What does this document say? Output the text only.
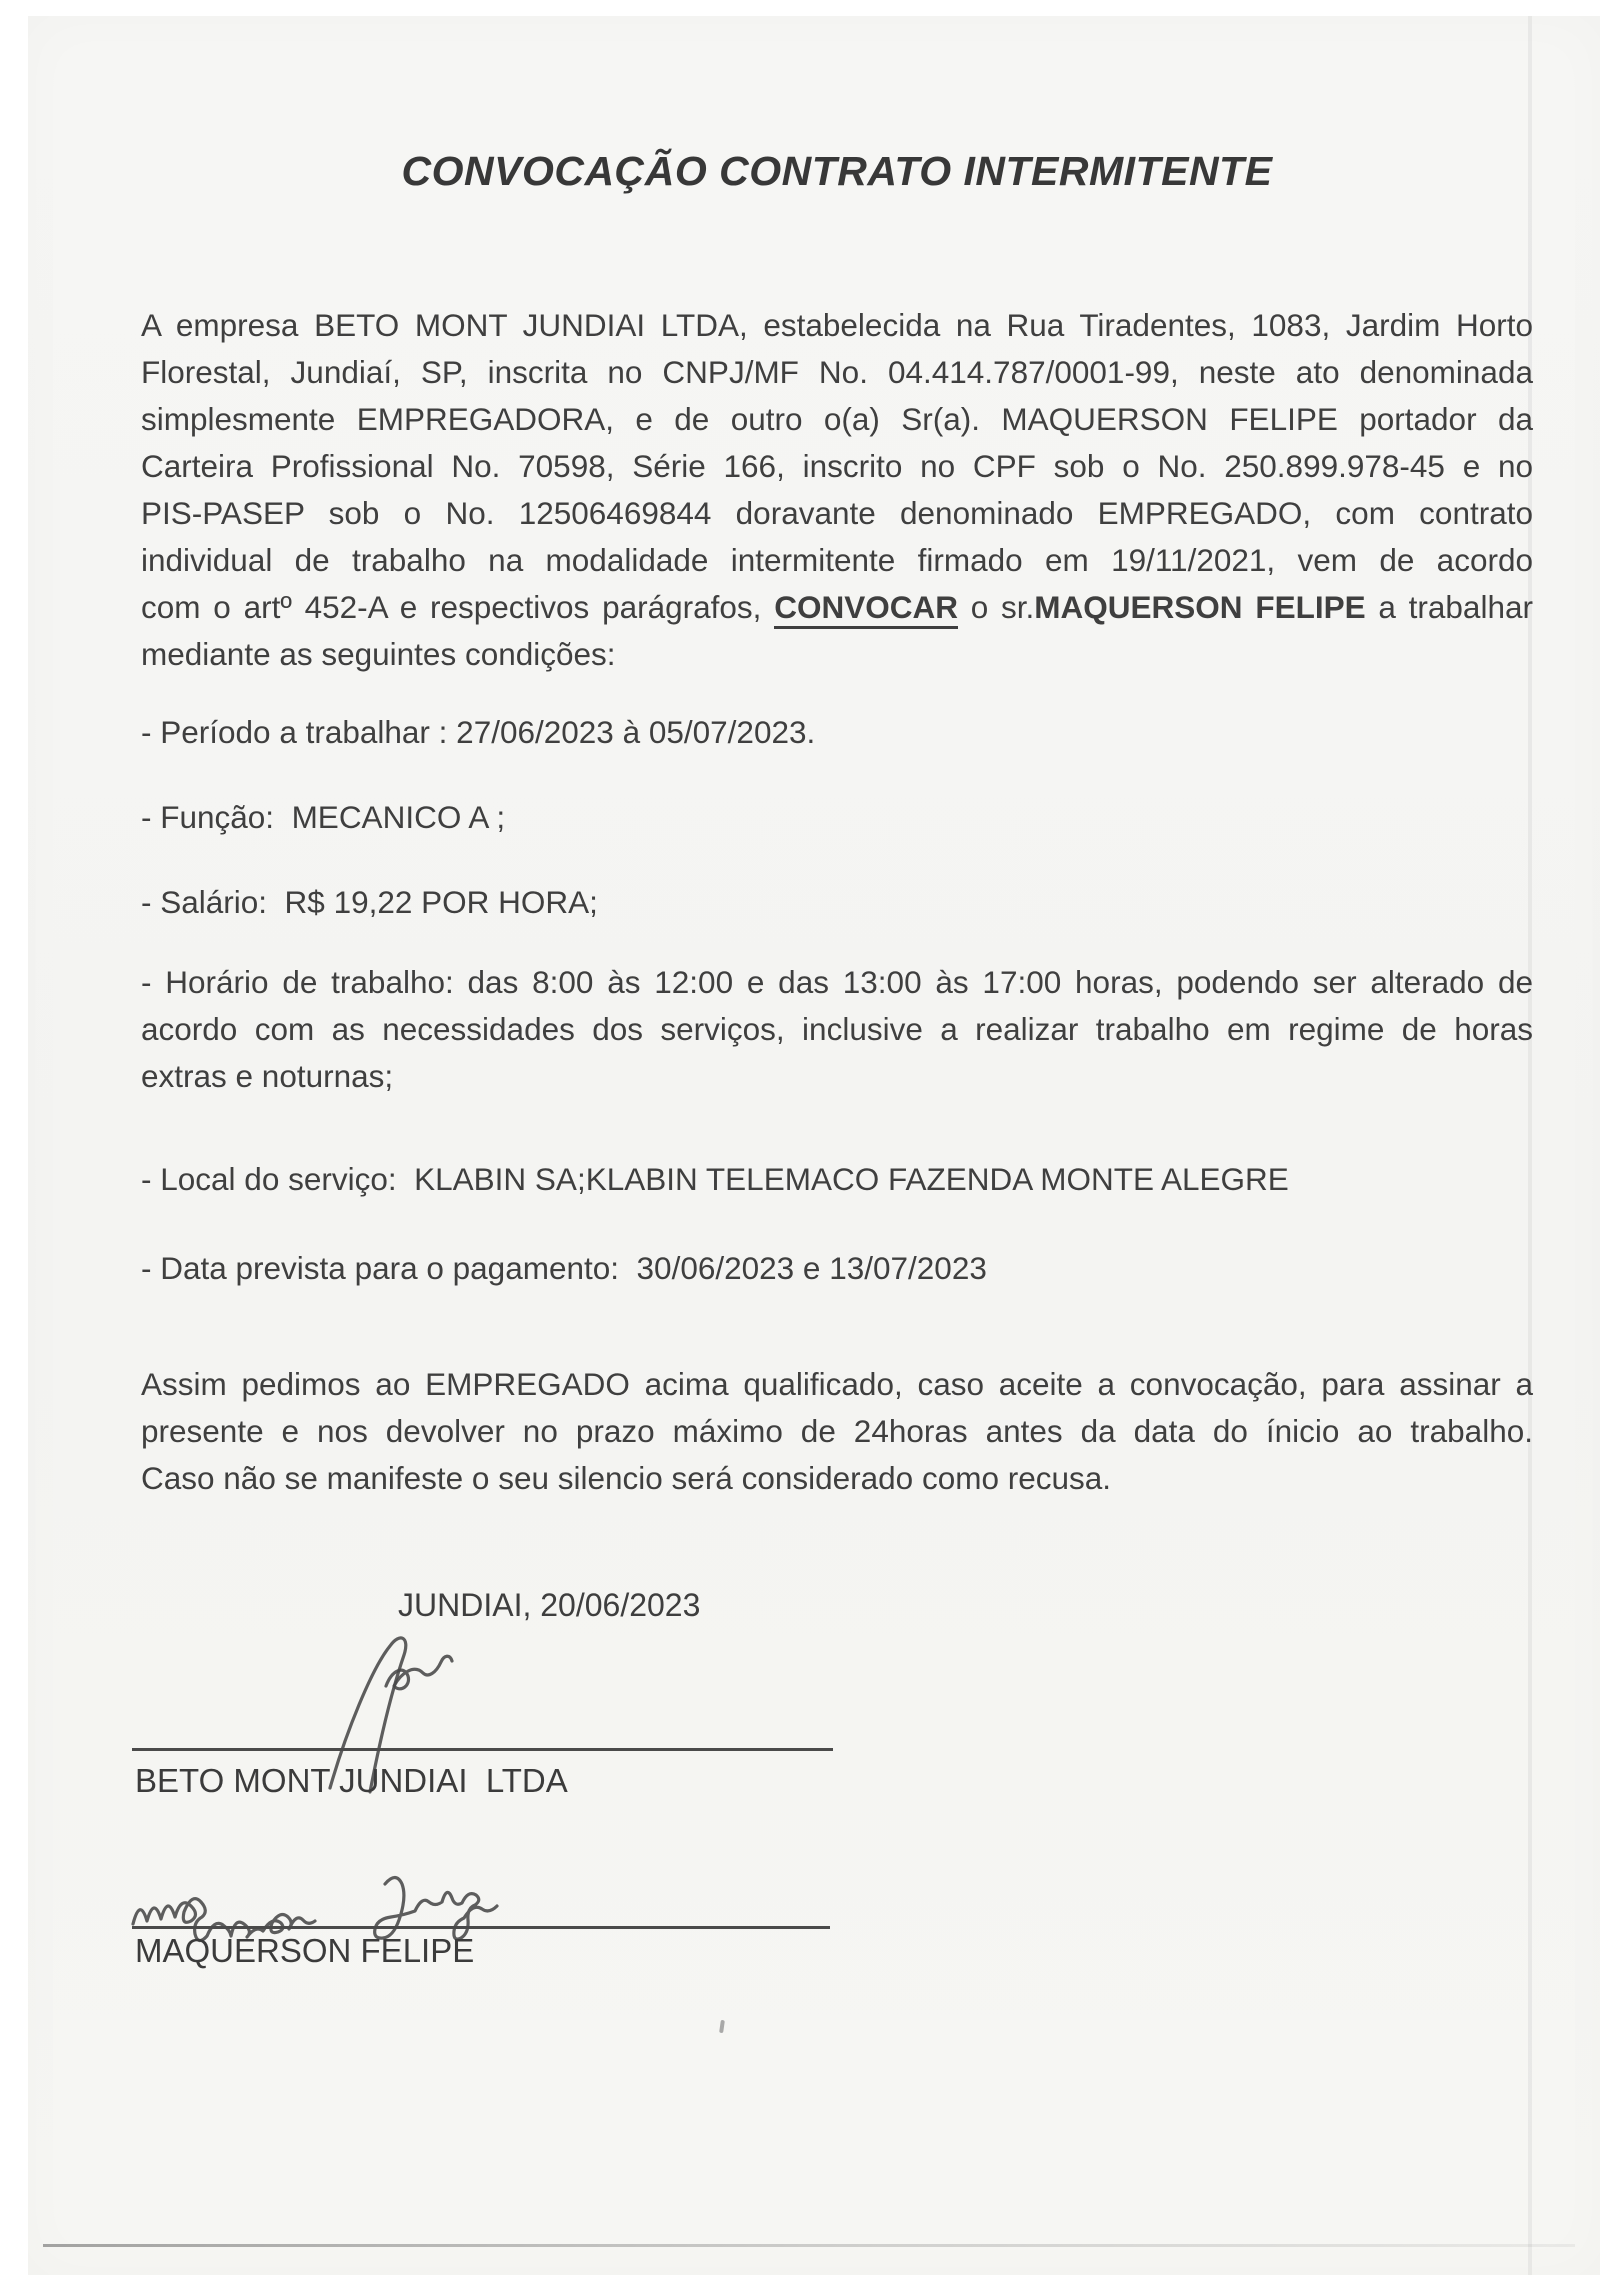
CONVOCAÇÃO CONTRATO INTERMITENTE
A empresa BETO MONT JUNDIAI LTDA, estabelecida na Rua Tiradentes, 1083, Jardim Horto
Florestal, Jundiaí, SP, inscrita no CNPJ/MF No. 04.414.787/0001-99, neste ato denominada
simplesmente EMPREGADORA, e de outro o(a) Sr(a). MAQUERSON FELIPE portador da
Carteira Profissional No. 70598, Série 166, inscrito no CPF sob o No. 250.899.978-45 e no
PIS-PASEP sob o No. 12506469844 doravante denominado EMPREGADO, com contrato
individual de trabalho na modalidade intermitente firmado em 19/11/2021, vem de acordo
com o artº 452-A e respectivos parágrafos, CONVOCAR o sr.MAQUERSON FELIPE a trabalhar
mediante as seguintes condições:
- Período a trabalhar : 27/06/2023 à 05/07/2023.
- Função:  MECANICO A ;
- Salário:  R$ 19,22 POR HORA;
- Horário de trabalho: das 8:00 às 12:00 e das 13:00 às 17:00 horas, podendo ser alterado de
acordo com as necessidades dos serviços, inclusive a realizar trabalho em regime de horas
extras e noturnas;
- Local do serviço:  KLABIN SA;KLABIN TELEMACO FAZENDA MONTE ALEGRE
- Data prevista para o pagamento:  30/06/2023 e 13/07/2023
Assim pedimos ao EMPREGADO acima qualificado, caso aceite a convocação, para assinar a
presente e nos devolver no prazo máximo de 24horas antes da data do ínicio ao trabalho.
Caso não se manifeste o seu silencio será considerado como recusa.
JUNDIAI, 20/06/2023
BETO MONT JUNDIAI  LTDA
MAQUERSON FELIPE
